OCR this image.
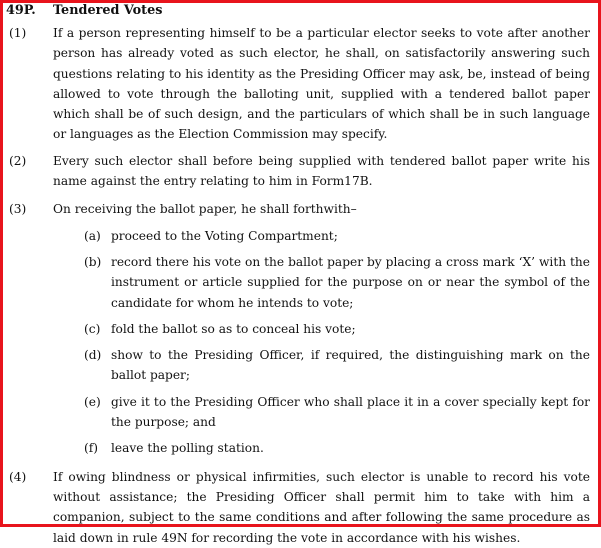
49P.	Tendered Votes
(1)	If a person representing himself to be a particular elector seeks to vote after another person has already voted as such elector, he shall, on satisfactorily answering such questions relating to his identity as the Presiding Officer may ask, be, instead of being allowed to vote through the balloting unit, supplied with a tendered ballot paper which shall be of such design, and the particulars of which shall be in such language or languages as the Election Commission may specify.
(2)	Every such elector shall before being supplied with tendered ballot paper write his name against the entry relating to him in Form17B.
(3)	On receiving the ballot paper, he shall forthwith–
(a) proceed to the Voting Compartment;
(b) record there his vote on the ballot paper by placing a cross mark ‘X’ with the instrument or article supplied for the purpose on or near the symbol of the candidate for whom he intends to vote;
(c) fold the ballot so as to conceal his vote;
(d) show to the Presiding Officer, if required, the distinguishing mark on the ballot paper;
(e) give it to the Presiding Officer who shall place it in a cover specially kept for the purpose; and
(f)	leave the polling station.
(4)	If owing blindness or physical infirmities, such elector is unable to record his vote without assistance; the Presiding Officer shall permit him to take with him a companion, subject to the same conditions and after following the same procedure as laid down in rule 49N for recording the vote in accordance with his wishes.
